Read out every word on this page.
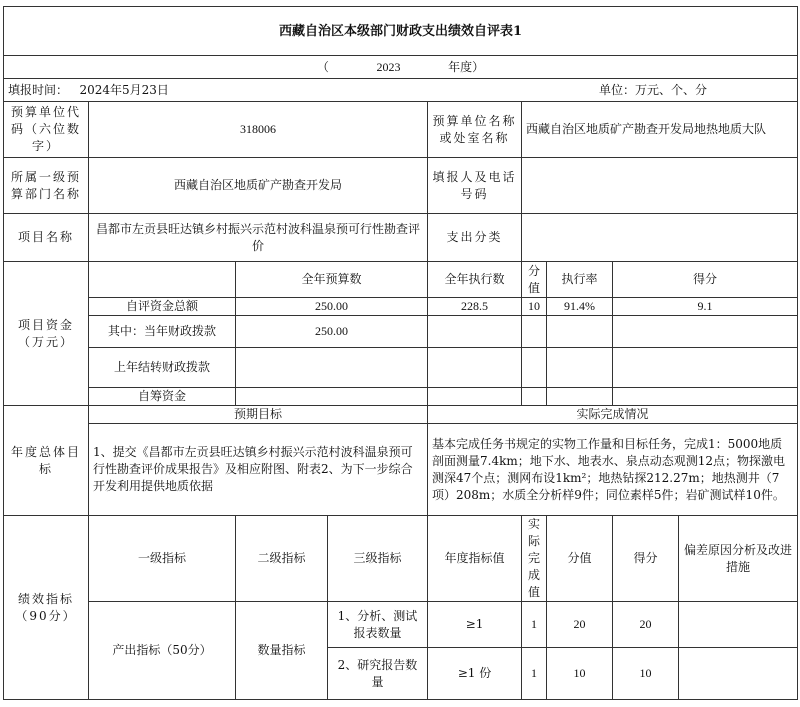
西藏自治区本级部门财政支出绩效自评表1								
（ 2023 年度）								
填报时间： 2024年5月23日				单位：万元、个、分				
预算单位代码（六位数字）	318006			预算单位名称或处室名称	西藏自治区地质矿产勘查开发局地热地质大队			
所属一级预算部门名称	西藏自治区地质矿产勘查开发局			填报人及电话号码				
项目名称	昌都市左贡县旺达镇乡村振兴示范村波科温泉预可行性勘查评价			支出分类				
项目资金（万元）		全年预算数		全年执行数	分值	执行率	得分	
	自评资金总额	250.00		228.5	10	91.4%	9.1	
	其中：当年财政拨款	250.00						
	上年结转财政拨款							
	自筹资金							
年度总体目标	预期目标			实际完成情况				
	1、提交《昌都市左贡县旺达镇乡村振兴示范村波科温泉预可行性勘查评价成果报告》及相应附图、附表2、为下一步综合开发利用提供地质依据			基本完成任务书规定的实物工作量和目标任务，完成1：5000地质剖面测量7.4km；地下水、地表水、泉点动态观测12点；物探激电测深47个点；测网布设1km²；地热钻探212.27m；地热测井（7项）208m；水质全分析样9件；同位素样5件；岩矿测试样10件。				
绩效指标（90分）	一级指标	二级指标	三级指标	年度指标值	实际完成值	分值	得分	偏差原因分析及改进措施
	产出指标（50分）	数量指标	1、分析、测试报表数量	≥1	1	20	20	
			2、研究报告数量	≥1 份	1	10	10	
